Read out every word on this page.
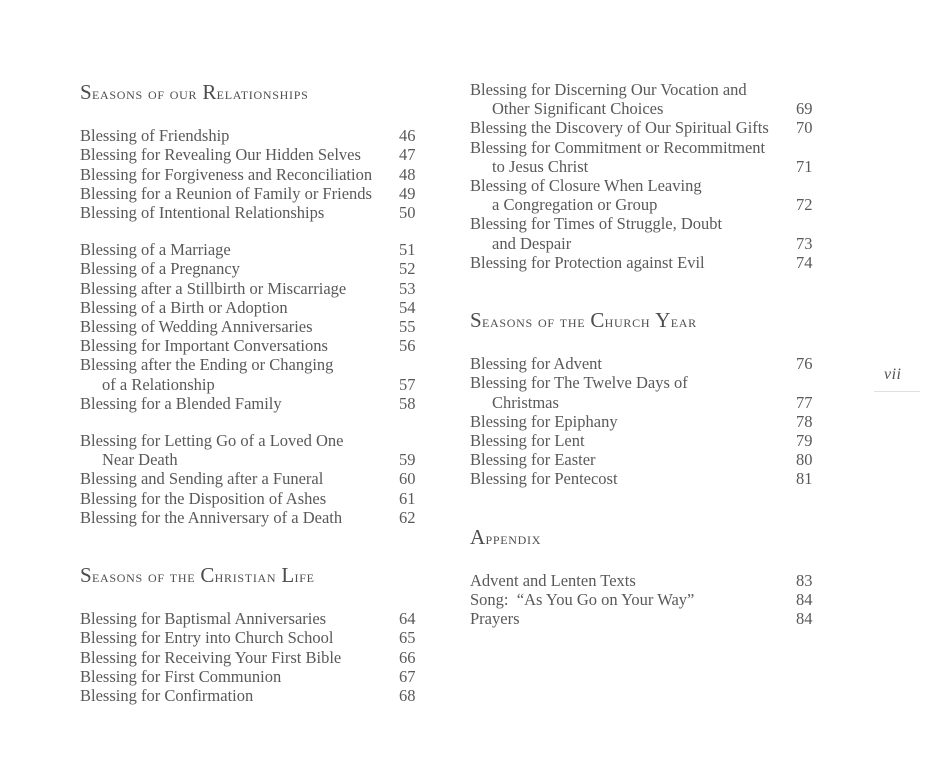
Seasons of our Relationships
Blessing of Friendship	46
Blessing for Revealing Our Hidden Selves	47
Blessing for Forgiveness and Reconciliation	48
Blessing for a Reunion of Family or Friends	49
Blessing of Intentional Relationships	50
Blessing of a Marriage	51
Blessing of a Pregnancy	52
Blessing after a Stillbirth or Miscarriage	53
Blessing of a Birth or Adoption	54
Blessing of Wedding Anniversaries	55
Blessing for Important Conversations	56
Blessing after the Ending or Changing
of a Relationship	57
Blessing for a Blended Family	58
Blessing for Letting Go of a Loved One
Near Death	59
Blessing and Sending after a Funeral	60
Blessing for the Disposition of Ashes	61
Blessing for the Anniversary of a Death	62
Seasons of the Christian Life
Blessing for Baptismal Anniversaries	64
Blessing for Entry into Church School	65
Blessing for Receiving Your First Bible	66
Blessing for First Communion	67
Blessing for Confirmation	68
Blessing for Discerning Our Vocation and
Other Significant Choices	69
Blessing the Discovery of Our Spiritual Gifts	70
Blessing for Commitment or Recommitment
to Jesus Christ	71
Blessing of Closure When Leaving
a Congregation or Group	72
Blessing for Times of Struggle, Doubt
and Despair	73
Blessing for Protection against Evil	74
Seasons of the Church Year
Blessing for Advent	76
Blessing for The Twelve Days of
Christmas	77
Blessing for Epiphany	78
Blessing for Lent	79
Blessing for Easter	80
Blessing for Pentecost	81
Appendix
Advent and Lenten Texts	83
Song:  “As You Go on Your Way”	84
Prayers	84
vii
